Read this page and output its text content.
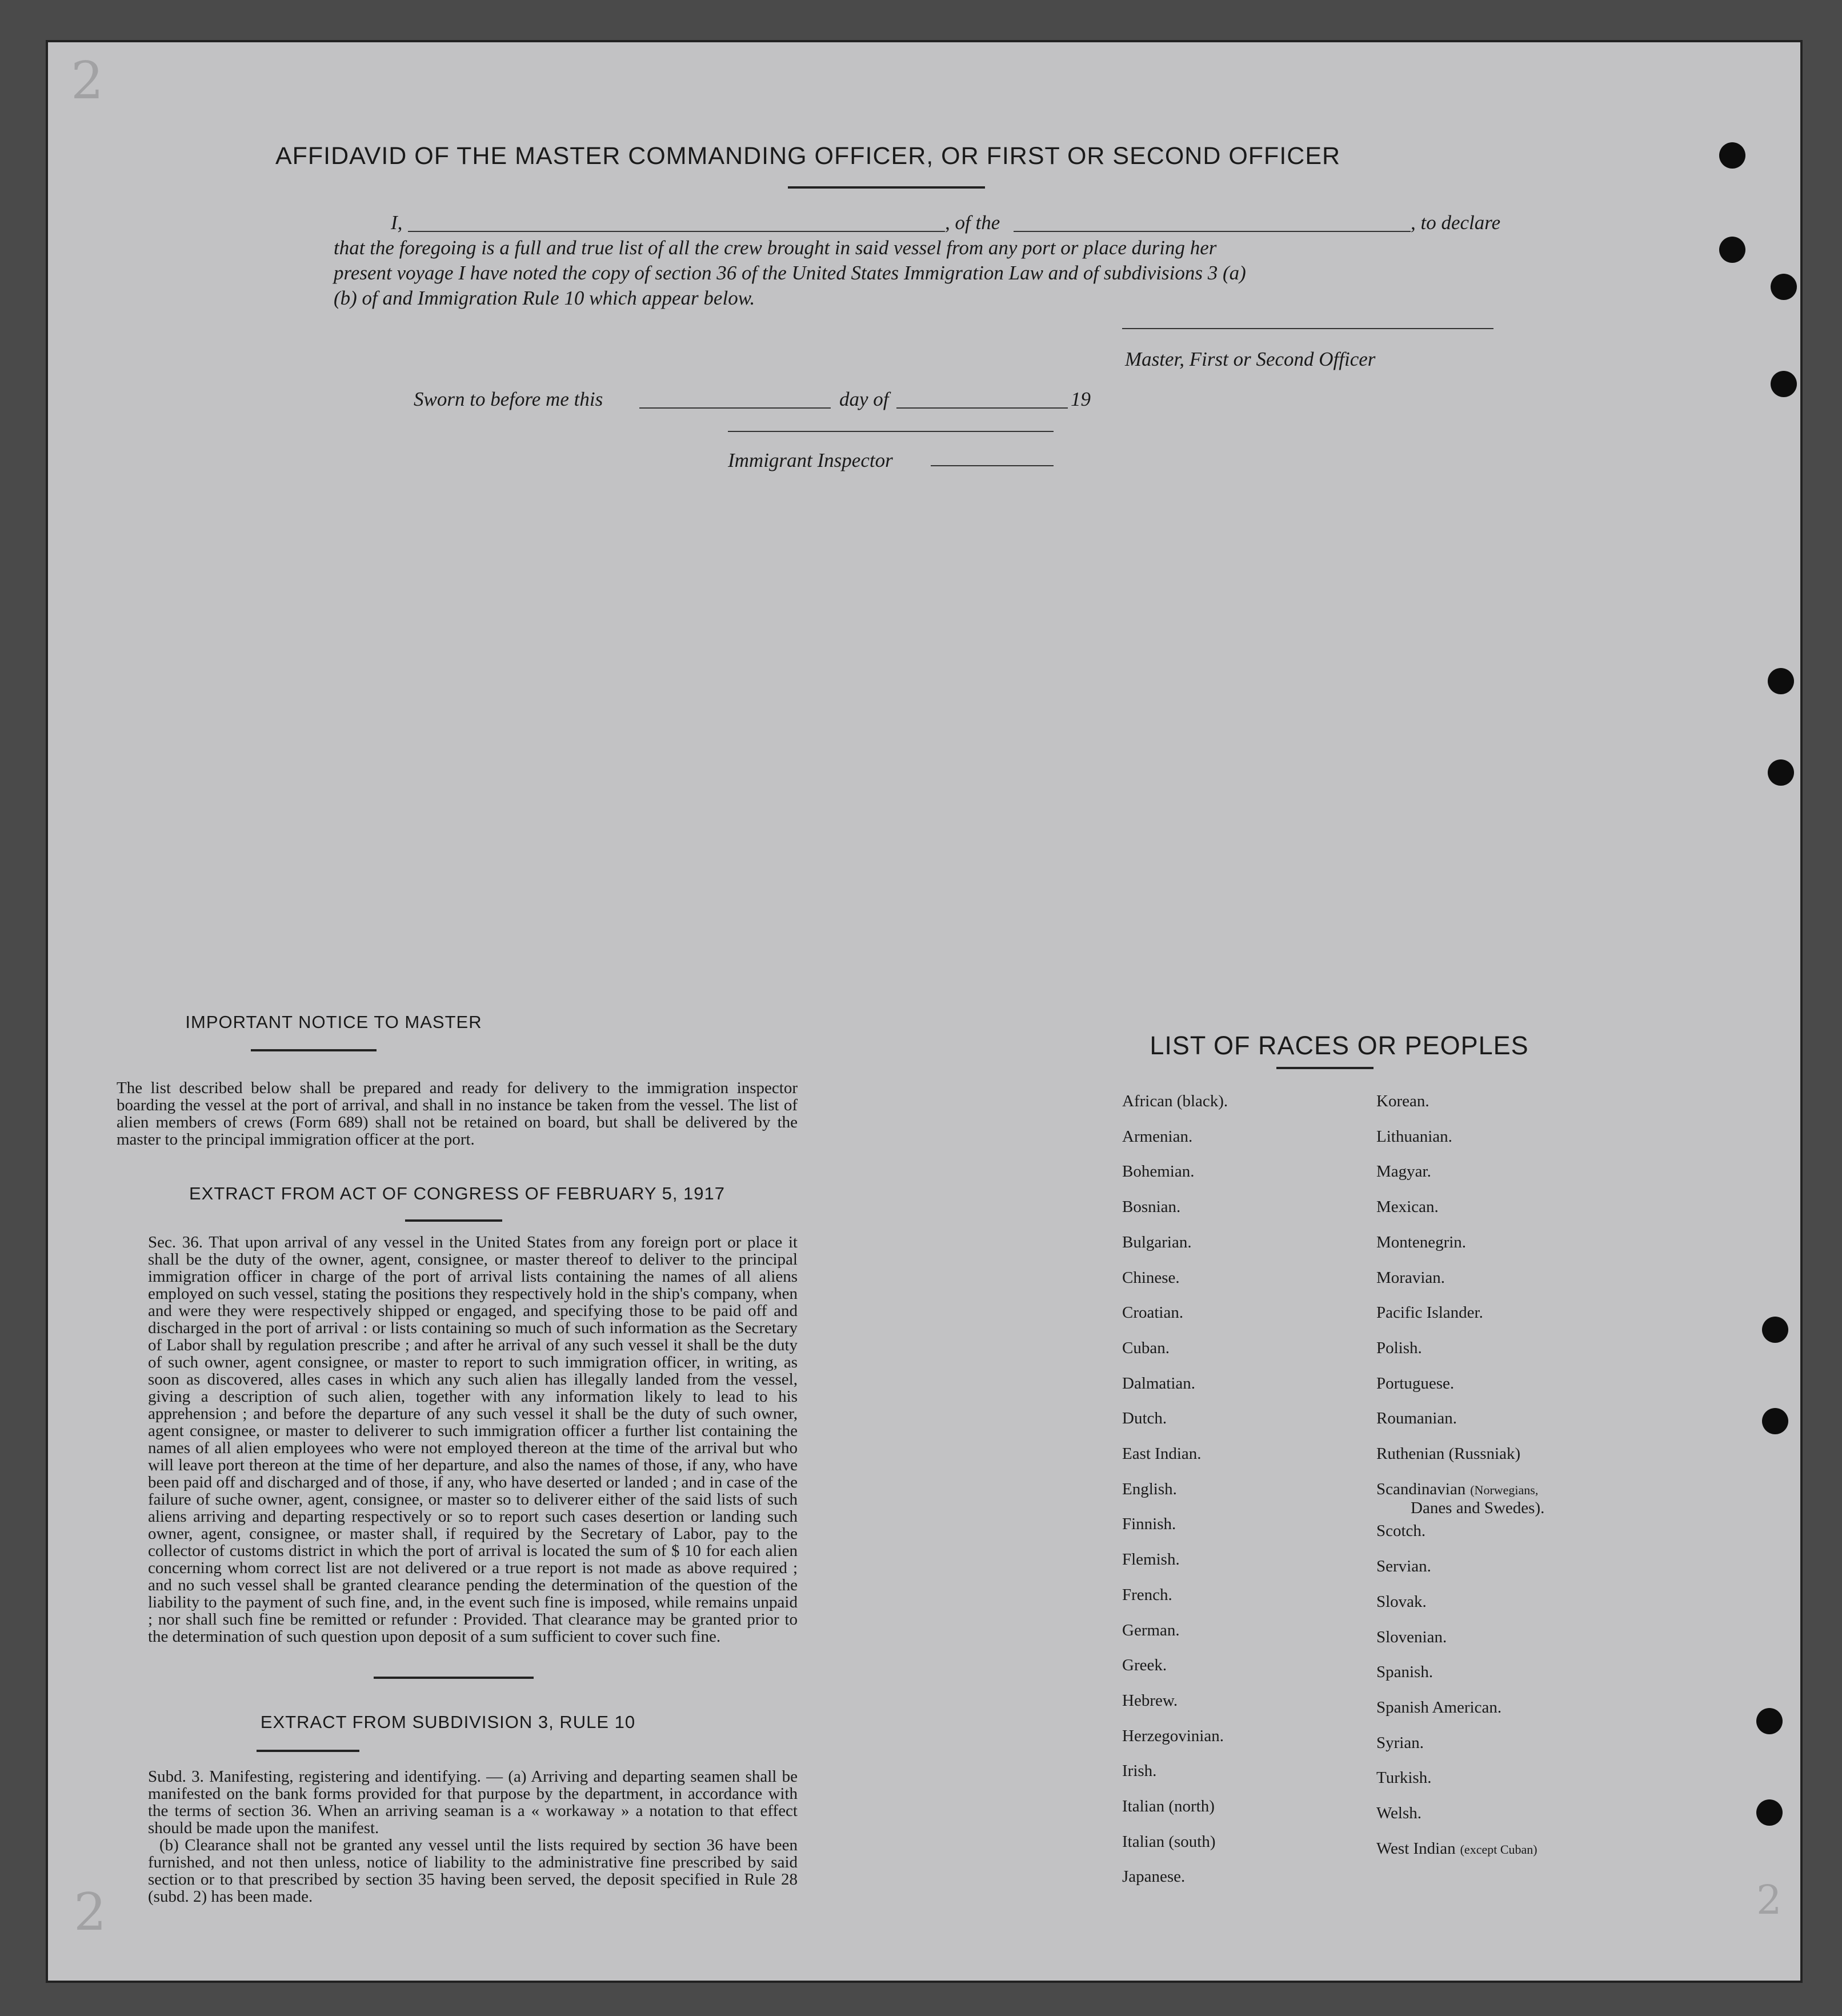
2
2	2
AFFIDAVID OF THE MASTER COMMANDING OFFICER, OR FIRST OR SECOND OFFICER
I,	, of the	, to declare
that the foregoing is a full and true list of all the crew brought in said vessel from any port or place during her
present voyage I have noted the copy of section 36 of the United States Immigration Law and of subdivisions 3 (a)
(b) of and Immigration Rule 10 which appear below.
Master, First or Second Officer
Sworn to before me this	day of	19
Immigrant Inspector
IMPORTANT NOTICE TO MASTER
The list described below shall be prepared and ready for delivery to the immigration inspector boarding the vessel at the port of arrival, and shall in no instance be taken from the vessel. The list of alien members of crews (Form 689) shall not be retained on board, but shall be delivered by the master to the principal immigration officer at the port.
EXTRACT FROM ACT OF CONGRESS OF FEBRUARY 5, 1917
Sec. 36. That upon arrival of any vessel in the United States from any foreign port or place it shall be the duty of the owner, agent, consignee, or master thereof to deliver to the principal immigration officer in charge of the port of arrival lists containing the names of all aliens employed on such vessel, stating the positions they respectively hold in the ship's company, when and were they were respectively shipped or engaged, and specifying those to be paid off and discharged in the port of arrival : or lists containing so much of such information as the Secretary of Labor shall by regulation prescribe ; and after he arrival of any such vessel it shall be the duty of such owner, agent consignee, or master to report to such immigration officer, in writing, as soon as discovered, alles cases in which any such alien has illegally landed from the vessel, giving a description of such alien, together with any information likely to lead to his apprehension ; and before the departure of any such vessel it shall be the duty of such owner, agent consignee, or master to deliverer to such immigration officer a further list containing the names of all alien employees who were not employed thereon at the time of the arrival but who will leave port thereon at the time of her departure, and also the names of those, if any, who have been paid off and discharged and of those, if any, who have deserted or landed ; and in case of the failure of suche owner, agent, consignee, or master so to deliverer either of the said lists of such aliens arriving and departing respectively or so to report such cases desertion or landing such owner, agent, consignee, or master shall, if required by the Secretary of Labor, pay to the collector of customs district in which the port of arrival is located the sum of $ 10 for each alien concerning whom correct list are not delivered or a true report is not made as above required ; and no such vessel shall be granted clearance pending the determination of the question of the liability to the payment of such fine, and, in the event such fine is imposed, while remains unpaid ; nor shall such fine be remitted or refunder : Provided. That clearance may be granted prior to the determination of such question upon deposit of a sum sufficient to cover such fine.
EXTRACT FROM SUBDIVISION 3, RULE 10
Subd. 3. Manifesting, registering and identifying. — (a) Arriving and departing seamen shall be manifested on the bank forms provided for that purpose by the department, in accordance with the terms of section 36. When an arriving seaman is a « workaway » a notation to that effect should be made upon the manifest.
(b) Clearance shall not be granted any vessel until the lists required by section 36 have been furnished, and not then unless, notice of liability to the administrative fine prescribed by said section or to that prescribed by section 35 having been served, the deposit specified in Rule 28 (subd. 2) has been made.
LIST OF RACES OR PEOPLES
African (black).
Armenian.
Bohemian.
Bosnian.
Bulgarian.
Chinese.
Croatian.
Cuban.
Dalmatian.
Dutch.
East Indian.
English.
Finnish.
Flemish.
French.
German.
Greek.
Hebrew.
Herzegovinian.
Irish.
Italian (north)
Italian (south)
Japanese.
Korean.
Lithuanian.
Magyar.
Mexican.
Montenegrin.
Moravian.
Pacific Islander.
Polish.
Portuguese.
Roumanian.
Ruthenian (Russniak)
Scandinavian (Norwegians,
Danes and Swedes).
Scotch.
Servian.
Slovak.
Slovenian.
Spanish.
Spanish American.
Syrian.
Turkish.
Welsh.
West Indian (except Cuban)
